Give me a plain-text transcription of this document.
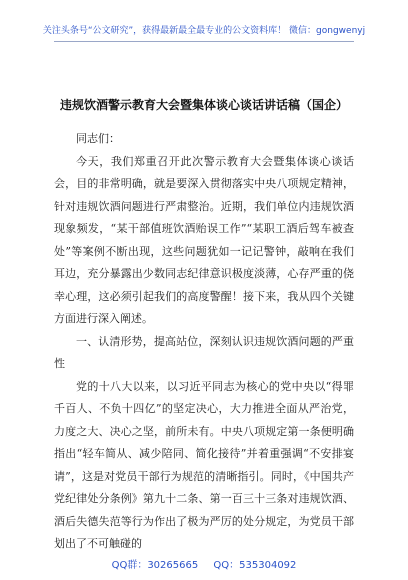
关注头条号“公文研究”，获得最新最全最专业的公文资料库！ 微信：gongwenyj
违规饮酒警示教育大会暨集体谈心谈话讲话稿（国企）
同志们：

今天，我们郑重召开此次警示教育大会暨集体谈心谈话会，目的非常明确，就是要深入贯彻落实中央八项规定精神，针对违规饮酒问题进行严肃整治。近期，我们单位内违规饮酒现象频发，“某干部值班饮酒贻误工作”“某职工酒后驾车被查处”等案例不断出现，这些问题犹如一记记警钟，敲响在我们耳边，充分暴露出少数同志纪律意识极度淡薄，心存严重的侥幸心理，这必须引起我们的高度警醒！接下来，我从四个关键方面进行深入阐述。

一、认清形势，提高站位，深刻认识违规饮酒问题的严重性

党的十八大以来，以习近平同志为核心的党中央以“得罪千百人、不负十四亿”的坚定决心，大力推进全面从严治党，力度之大、决心之坚，前所未有。中央八项规定第一条便明确指出“轻车简从、减少陪同、简化接待”并着重强调“不安排宴请”，这是对党员干部行为规范的清晰指引。同时，《中国共产党纪律处分条例》第九十二条、第一百三十三条对违规饮酒、酒后失德失范等行为作出了极为严厉的处分规定，为党员干部划出了不可触碰的

QQ群：30265665 QQ：535304092
